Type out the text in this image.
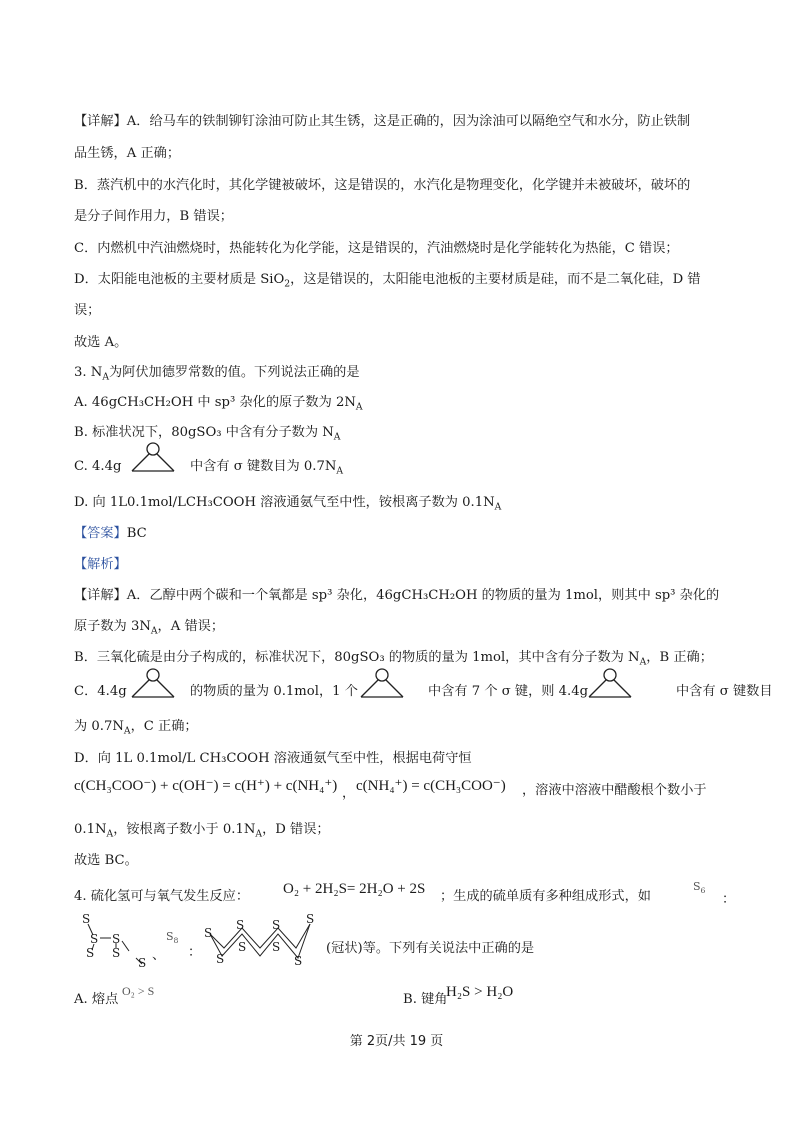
【详解】A．给马车的铁制铆钉涂油可防止其生锈，这是正确的，因为涂油可以隔绝空气和水分，防止铁制
品生锈，A 正确；
B．蒸汽机中的水汽化时，其化学键被破坏，这是错误的，水汽化是物理变化，化学键并未被破坏，破坏的
是分子间作用力，B 错误；
C．内燃机中汽油燃烧时，热能转化为化学能，这是错误的，汽油燃烧时是化学能转化为热能，C 错误；
D．太阳能电池板的主要材质是 SiO$_2$，这是错误的，太阳能电池板的主要材质是硅，而不是二氧化硅，D 错
误；
故选 A。
3. $N_A$为阿伏加德罗常数的值。下列说法正确的是
A. 46gCH₃CH₂OH 中 sp³ 杂化的原子数为 $2N_A$
B. 标准状况下，80gSO₃ 中含有分子数为 $N_A$
C. 4.4g	中含有 σ 键数目为 $0.7N_A$
D. 向 1L0.1mol/LCH₃COOH 溶液通氨气至中性，铵根离子数为 $0.1N_A$
【答案】BC
【解析】
【详解】A．乙醇中两个碳和一个氧都是 sp³ 杂化，46gCH₃CH₂OH 的物质的量为 1mol，则其中 sp³ 杂化的
原子数为 $3N_A$，A 错误；
B．三氧化硫是由分子构成的，标准状况下，80gSO₃ 的物质的量为 1mol，其中含有分子数为 $N_A$，B 正确；
C．4.4g	的物质的量为 0.1mol，1 个	中含有 7 个 σ 键，则 4.4g	中含有 σ 键数目
为 $0.7N_A$，C 正确；
D．向 1L 0.1mol/L CH₃COOH 溶液通氨气至中性，根据电荷守恒
c(CH₃COO⁻) + c(OH⁻) = c(H⁺) + c(NH₄⁺) ， c(NH₄⁺) = c(CH₃COO⁻) ，溶液中溶液中醋酸根个数小于
$0.1N_A$，铵根离子数小于 $0.1N_A$，D 错误；
故选 BC。
4. 硫化氢可与氧气发生反应： O₂ + 2H₂S= 2H₂O + 2S ；生成的硫单质有多种组成形式，如
$S_6$
：
S
S S
S S
S 、
$S_8$
：
S
S S S
S
S S
S
(冠状)等。下列有关说法中正确的是
A. 熔点
O₂ > S
B. 键角
H₂S > H₂O
第 2页/共 19 页
